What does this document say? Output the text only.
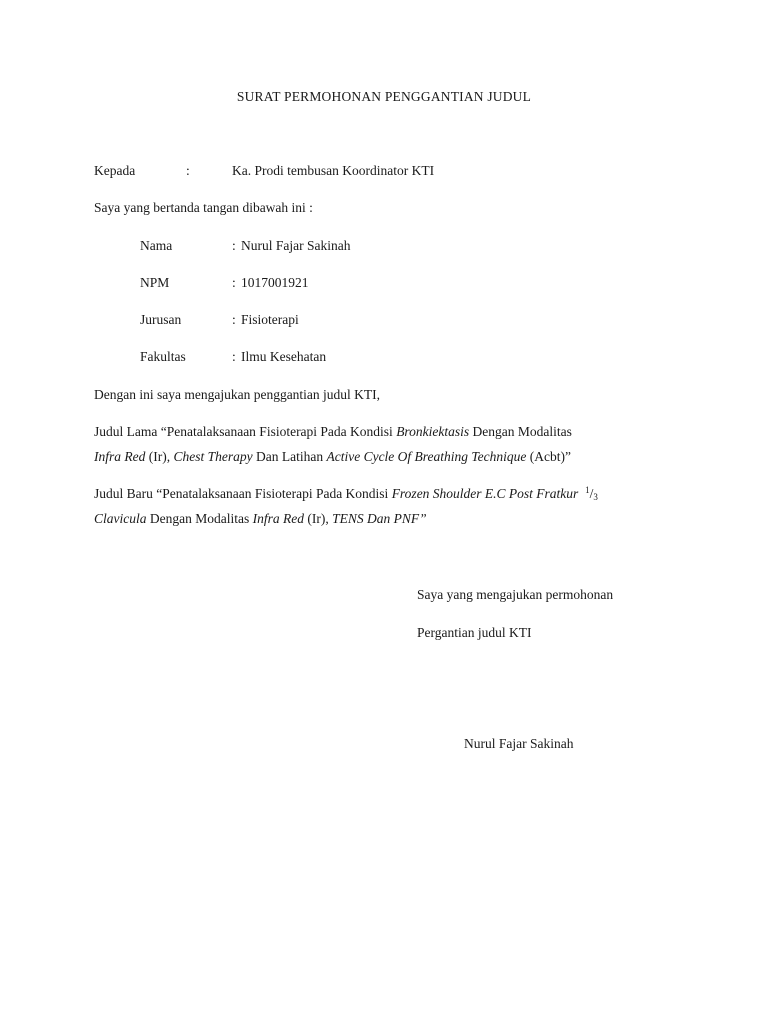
SURAT PERMOHONAN PENGGANTIAN JUDUL
Kepada	:	Ka. Prodi tembusan Koordinator KTI
Saya yang bertanda tangan dibawah ini :
Nama	: Nurul Fajar Sakinah
NPM	: 1017001921
Jurusan	: Fisioterapi
Fakultas	: Ilmu Kesehatan
Dengan ini saya mengajukan penggantian judul KTI,
Judul Lama “Penatalaksanaan Fisioterapi Pada Kondisi Bronkiektasis Dengan Modalitas
Infra Red (Ir), Chest Therapy Dan Latihan Active Cycle Of Breathing Technique (Acbt)”
Judul Baru “Penatalaksanaan Fisioterapi Pada Kondisi Frozen Shoulder E.C Post Fratkur $^1/_3$
Clavicula Dengan Modalitas Infra Red (Ir), TENS Dan PNF”
Saya yang mengajukan permohonan
Pergantian judul KTI
Nurul Fajar Sakinah
